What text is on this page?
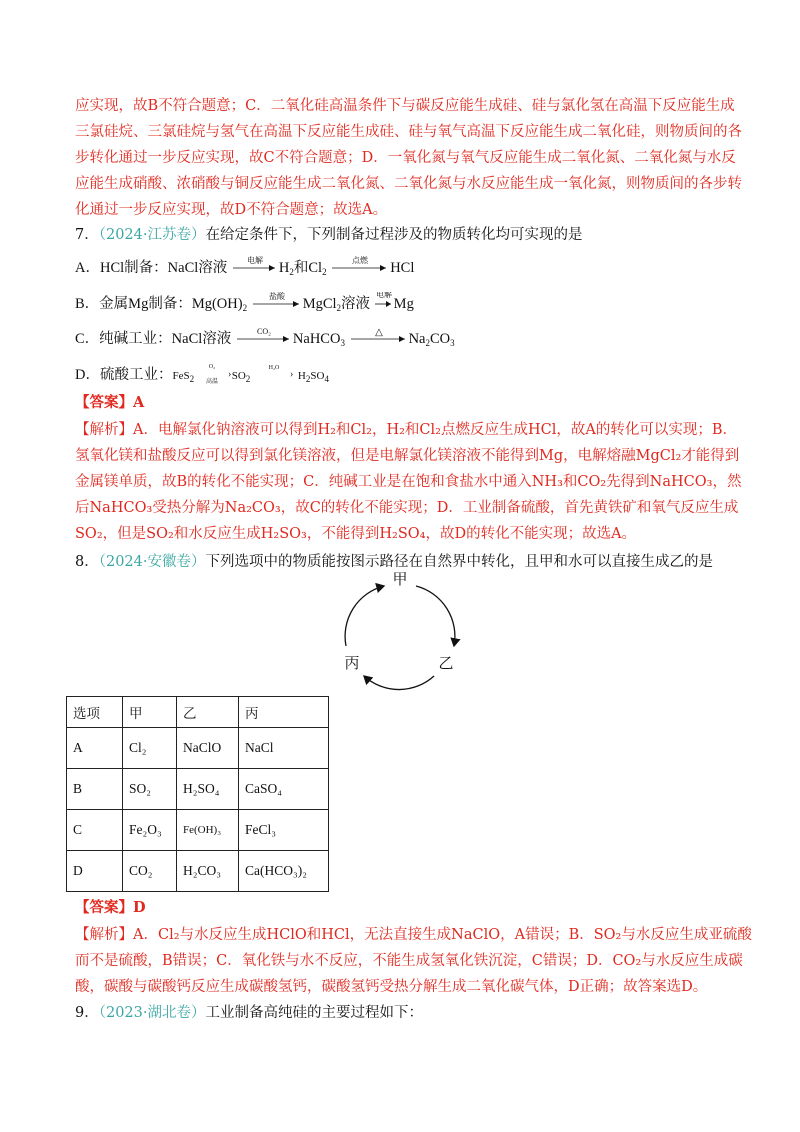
应实现，故B不符合题意；C．二氧化硅高温条件下与碳反应能生成硅、硅与氯化氢在高温下反应能生成
三氯硅烷、三氯硅烷与氢气在高温下反应能生成硅、硅与氧气高温下反应能生成二氧化硅，则物质间的各
步转化通过一步反应实现，故C不符合题意；D．一氧化氮与氧气反应能生成二氧化氮、二氧化氮与水反
应能生成硝酸、浓硝酸与铜反应能生成二氧化氮、二氧化氮与水反应能生成一氧化氮，则物质间的各步转
化通过一步反应实现，故D不符合题意；故选A。
7．（2024·江苏卷）在给定条件下，下列制备过程涉及的物质转化均可实现的是
A．HCl制备：NaCl溶液 电解 $H_2$和$Cl_2$
点燃 HCl
B．金属Mg制备：$Mg(OH)_2$
盐酸 MgCl$_2$溶液
电解
Mg
C．纯碱工业：NaCl溶液	CO₂ NaHCO$_3$
△ $Na_2CO_3$
D．硫酸工业：FeS$_2$
O₂
高温
› $SO_2$
H₂O
› $H_2SO_4$
【答案】A
【解析】A．电解氯化钠溶液可以得到H₂和Cl₂，H₂和Cl₂点燃反应生成HCl，故A的转化可以实现；B．
氢氧化镁和盐酸反应可以得到氯化镁溶液，但是电解氯化镁溶液不能得到Mg，电解熔融MgCl₂才能得到
金属镁单质，故B的转化不能实现；C．纯碱工业是在饱和食盐水中通入NH₃和CO₂先得到NaHCO₃，然
后NaHCO₃受热分解为Na₂CO₃，故C的转化不能实现；D．工业制备硫酸，首先黄铁矿和氧气反应生成
SO₂，但是SO₂和水反应生成H₂SO₃，不能得到H₂SO₄，故D的转化不能实现；故选A。
8．（2024·安徽卷）下列选项中的物质能按图示路径在自然界中转化，且甲和水可以直接生成乙的是
甲
乙
丙
选项	甲	乙	丙
A	Cl₂	NaClO	NaCl
B	SO₂	H₂SO₄	CaSO₄
C	Fe₂O₃	Fe(OH)₃	FeCl₃
D	CO₂	H₂CO₃	Ca(HCO₃)₂
【答案】D
【解析】A．Cl₂与水反应生成HClO和HCl，无法直接生成NaClO，A错误；B．SO₂与水反应生成亚硫酸
而不是硫酸，B错误；C．氧化铁与水不反应，不能生成氢氧化铁沉淀，C错误；D．CO₂与水反应生成碳
酸，碳酸与碳酸钙反应生成碳酸氢钙，碳酸氢钙受热分解生成二氧化碳气体，D正确；故答案选D。
9．（2023·湖北卷）工业制备高纯硅的主要过程如下：
